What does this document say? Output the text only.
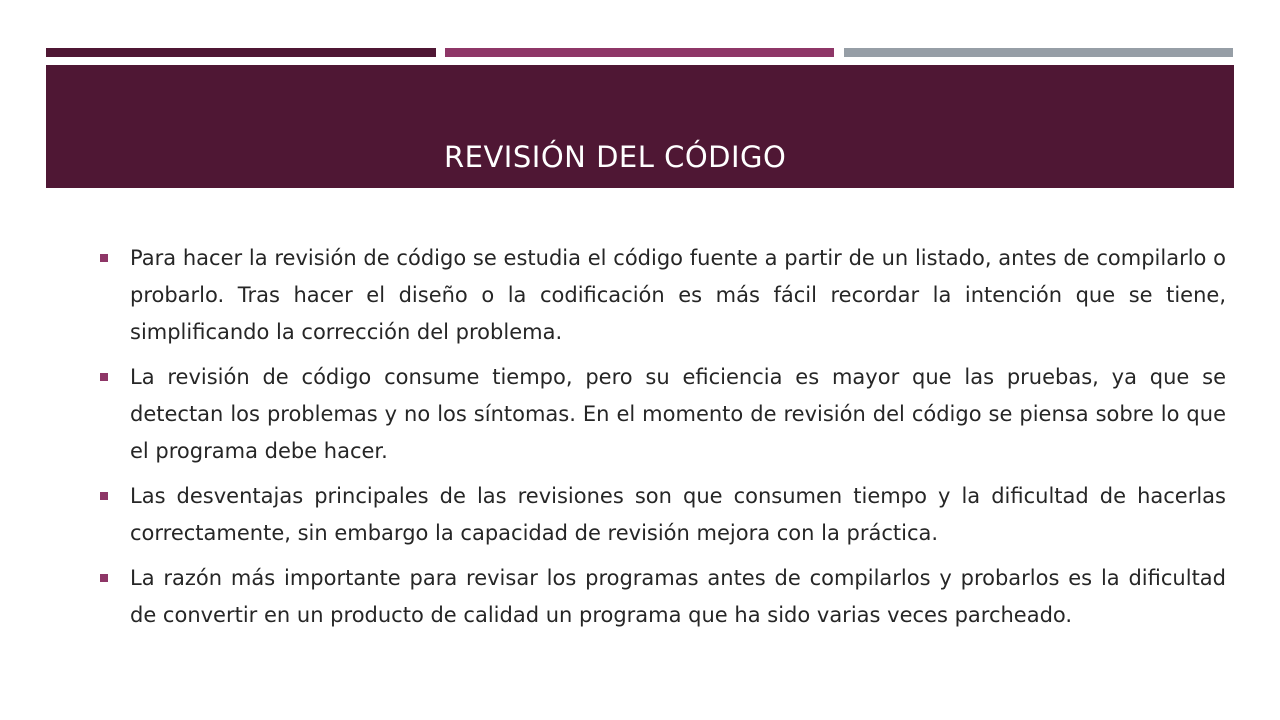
REVISIÓN DEL CÓDIGO
Para hacer la revisión de código se estudia el código fuente a partir de un listado, antes de compilarlo o probarlo. Tras hacer el diseño o la codificación es más fácil recordar la intención que se tiene, simplificando la corrección del problema.
La revisión de código consume tiempo, pero su eficiencia es mayor que las pruebas, ya que se detectan los problemas y no los síntomas. En el momento de revisión del código se piensa sobre lo que el programa debe hacer.
Las desventajas principales de las revisiones son que consumen tiempo y la dificultad de hacerlas correctamente, sin embargo la capacidad de revisión mejora con la práctica.
La razón más importante para revisar los programas antes de compilarlos y probarlos es la dificultad de convertir en un producto de calidad un programa que ha sido varias veces parcheado.
